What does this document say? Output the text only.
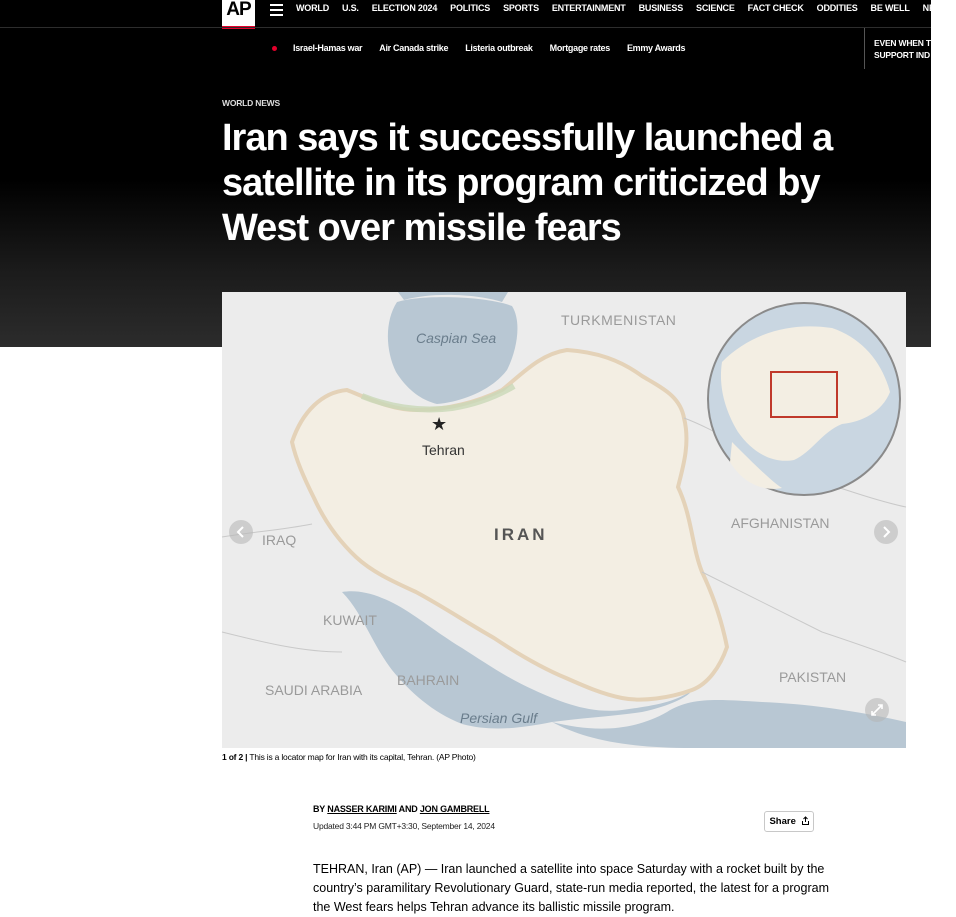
AP	WORLD U.S. ELECTION 2024 POLITICS SPORTS ENTERTAINMENT BUSINESS SCIENCE FACT CHECK ODDITIES BE WELL NEW
Israel-Hamas war Air Canada strike Listeria outbreak Mortgage rates Emmy Awards	EVEN WHEN T
SUPPORT IND
WORLD NEWS
Iran says it successfully launched a satellite in its program criticized by West over missile fears
Caspian Sea
TURKMENISTAN
★
Tehran
IRAN
IRAQ
AFGHANISTAN
KUWAIT
SAUDI ARABIA
BAHRAIN
Persian Gulf
PAKISTAN
1 of 2 | This is a locator map for Iran with its capital, Tehran. (AP Photo)
BY NASSER KARIMI AND JON GAMBRELL
Updated 3:44 PM GMT+3:30, September 14, 2024	Share

TEHRAN, Iran (AP) — Iran launched a satellite into space Saturday with a rocket built by the country’s paramilitary Revolutionary Guard, state-run media reported, the latest for a program the West fears helps Tehran advance its ballistic missile program.
